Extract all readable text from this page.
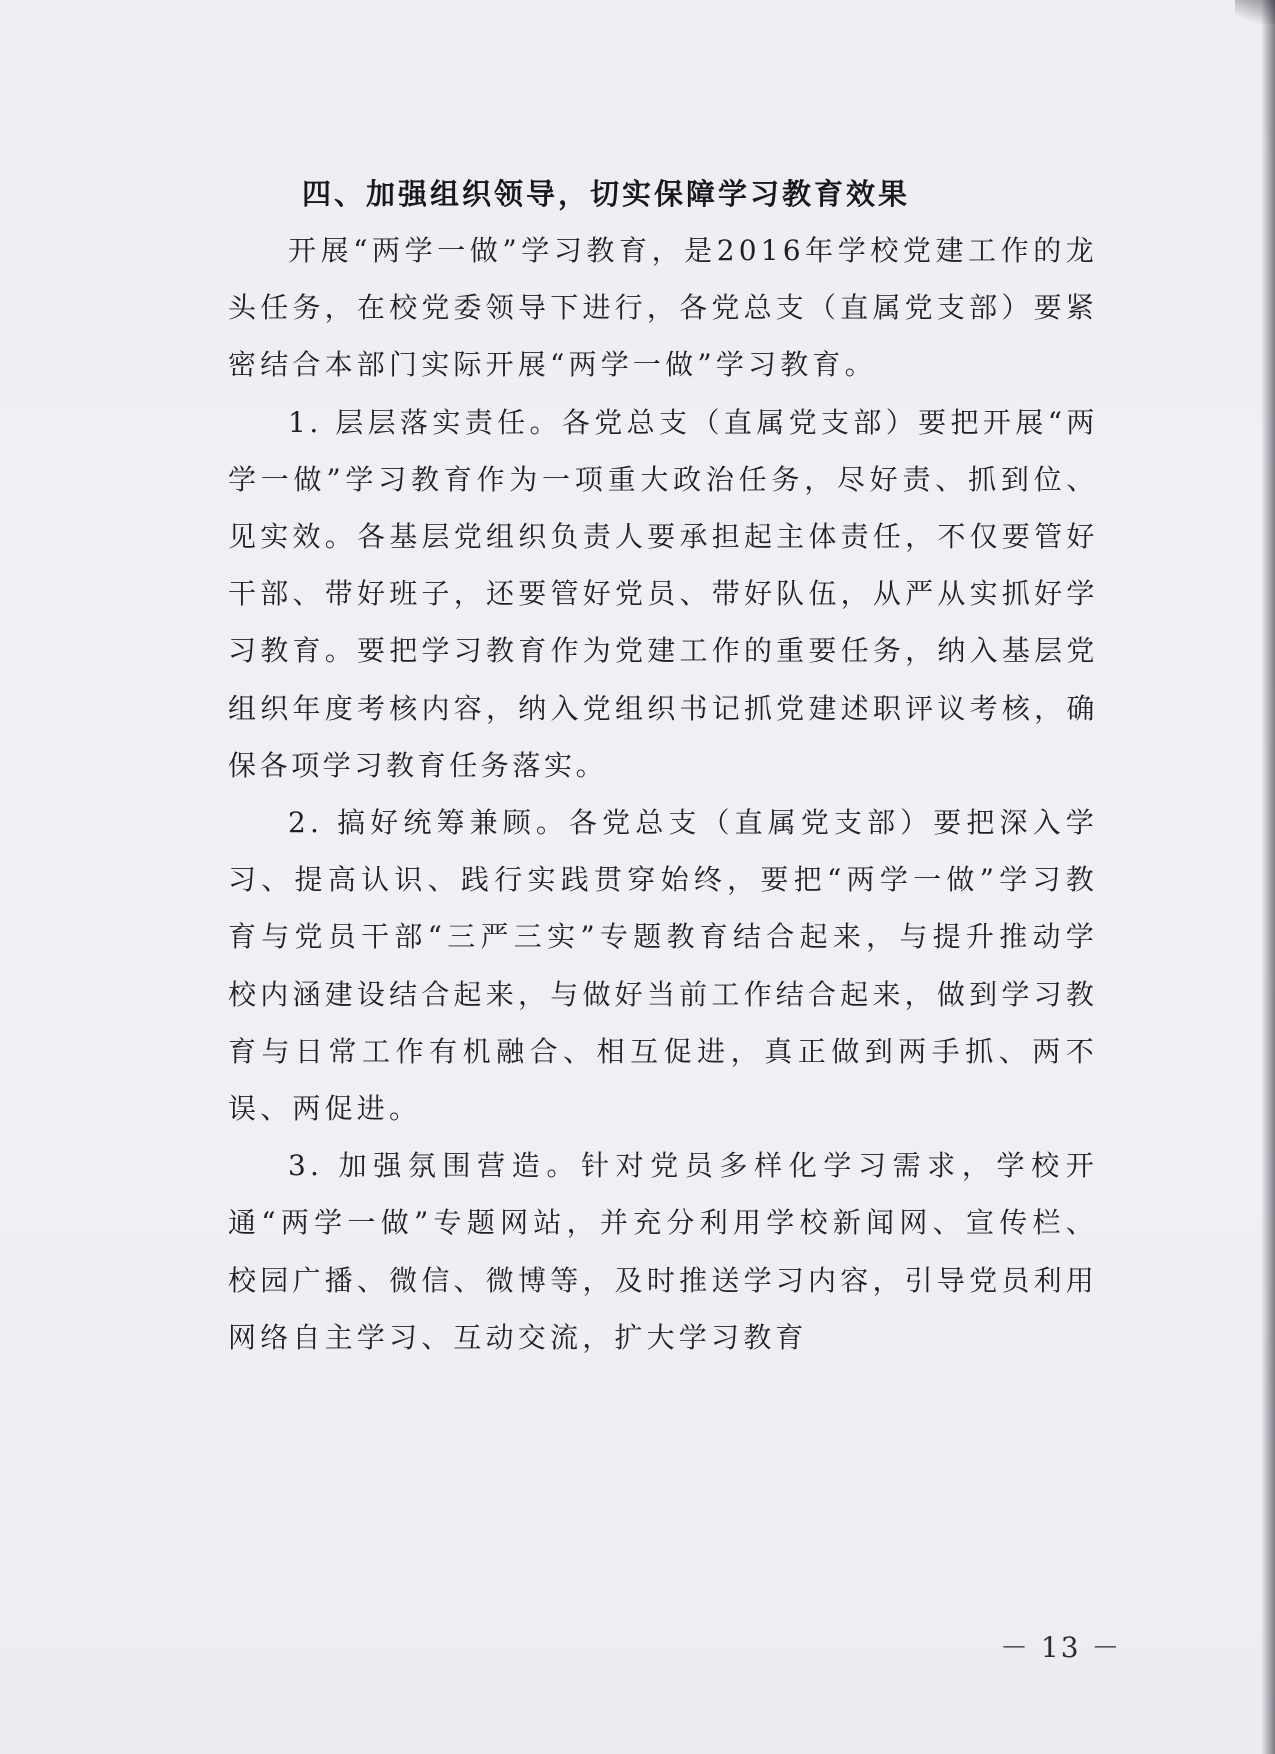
四、加强组织领导，切实保障学习教育效果

开展“两学一做”学习教育，是2016年学校党建工作的龙头任务，在校党委领导下进行，各党总支（直属党支部）要紧密结合本部门实际开展“两学一做”学习教育。

1. 层层落实责任。各党总支（直属党支部）要把开展“两学一做”学习教育作为一项重大政治任务，尽好责、抓到位、见实效。各基层党组织负责人要承担起主体责任，不仅要管好干部、带好班子，还要管好党员、带好队伍，从严从实抓好学习教育。要把学习教育作为党建工作的重要任务，纳入基层党组织年度考核内容，纳入党组织书记抓党建述职评议考核，确保各项学习教育任务落实。

2. 搞好统筹兼顾。各党总支（直属党支部）要把深入学习、提高认识、践行实践贯穿始终，要把“两学一做”学习教育与党员干部“三严三实”专题教育结合起来，与提升推动学校内涵建设结合起来，与做好当前工作结合起来，做到学习教育与日常工作有机融合、相互促进，真正做到两手抓、两不误、两促进。

3. 加强氛围营造。针对党员多样化学习需求，学校开通“两学一做”专题网站，并充分利用学校新闻网、宣传栏、校园广播、微信、微博等，及时推送学习内容，引导党员利用网络自主学习、互动交流，扩大学习教育

－ 13 －
